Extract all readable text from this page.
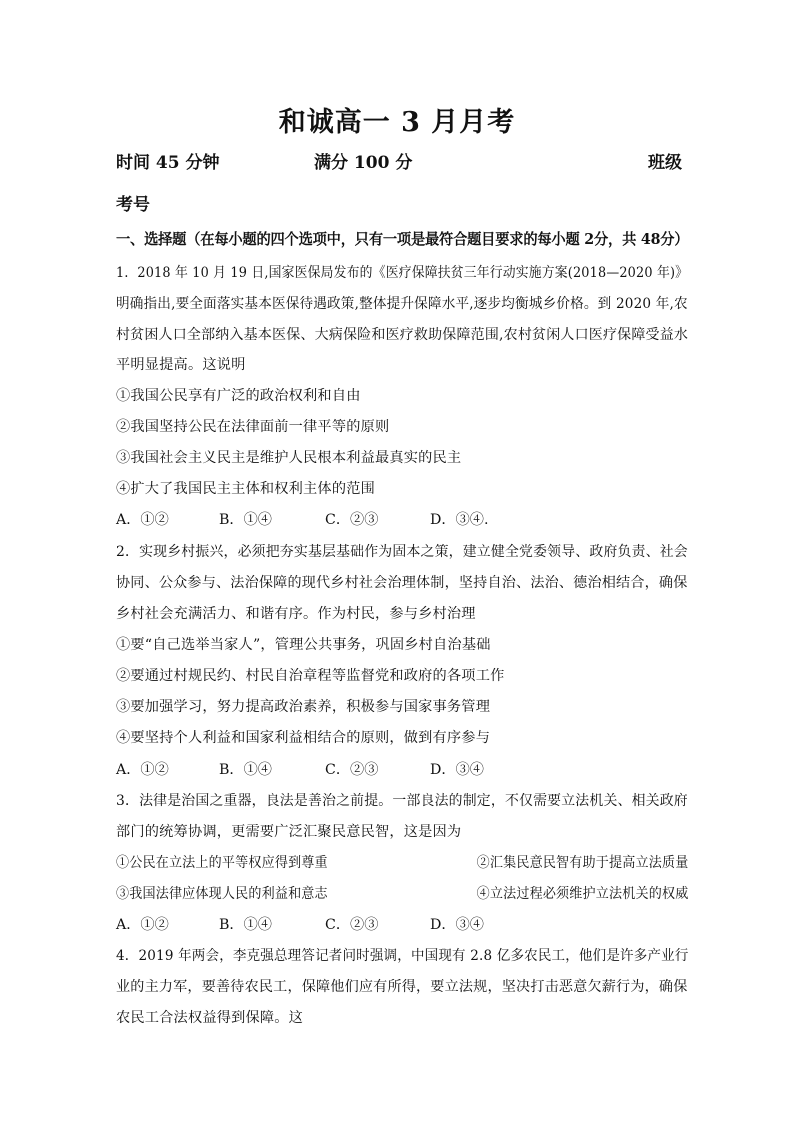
和诚高一 3 月月考
时间 45 分钟	满分 100 分	班级
考号
一、选择题（在每小题的四个选项中，只有一项是最符合题目要求的每小题 2分，共 48分）
1．2018 年 10 月 19 日,国家医保局发布的《医疗保障扶贫三年行动实施方案(2018—2020 年)》
明确指出,要全面落实基本医保待遇政策,整体提升保障水平,逐步均衡城乡价格。到 2020 年,农
村贫困人口全部纳入基本医保、大病保险和医疗救助保障范围,农村贫闲人口医疗保障受益水
平明显提高。这说明
①我国公民享有广泛的政治权利和自由
②我国坚持公民在法律面前一律平等的原则
③我国社会主义民主是维护人民根本利益最真实的民主
④扩大了我国民主主体和权利主体的范围
A．①②	B．①④	C．②③	D．③④.
2．实现乡村振兴，必须把夯实基层基础作为固本之策，建立健全党委领导、政府负责、社会
协同、公众参与、法治保障的现代乡村社会治理体制，坚持自治、法治、德治相结合，确保
乡村社会充满活力、和谐有序。作为村民，参与乡村治理
①要“自己选举当家人”，管理公共事务，巩固乡村自治基础
②要通过村规民约、村民自治章程等监督党和政府的各项工作
③要加强学习，努力提高政治素养，积极参与国家事务管理
④要坚持个人利益和国家利益相结合的原则，做到有序参与
A．①②	B．①④	C．②③	D．③④
3．法律是治国之重器，良法是善治之前提。一部良法的制定，不仅需要立法机关、相关政府
部门的统筹协调，更需要广泛汇聚民意民智，这是因为
①公民在立法上的平等权应得到尊重	②汇集民意民智有助于提高立法质量
③我国法律应体现人民的利益和意志	④立法过程必须维护立法机关的权威
A．①②	B．①④	C．②③	D．③④
4．2019 年两会，李克强总理答记者问时强调，中国现有 2.8 亿多农民工，他们是许多产业行
业的主力军，要善待农民工，保障他们应有所得，要立法规，坚决打击恶意欠薪行为，确保
农民工合法权益得到保障。这
